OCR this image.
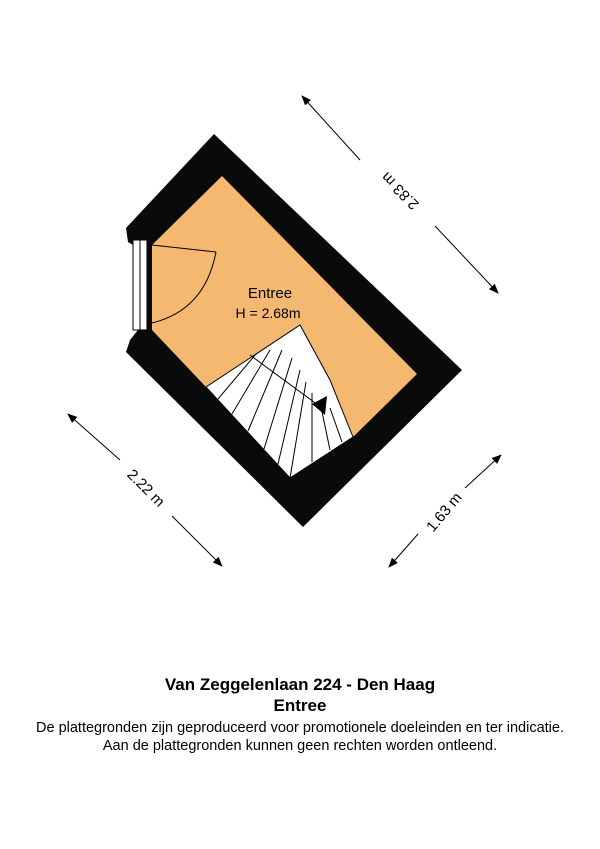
Entree
H = 2.68m
2.83 m
2.22 m
1.63 m
Van Zeggelenlaan 224 - Den Haag
Entree
De plattegronden zijn geproduceerd voor promotionele doeleinden en ter indicatie.
Aan de plattegronden kunnen geen rechten worden ontleend.
